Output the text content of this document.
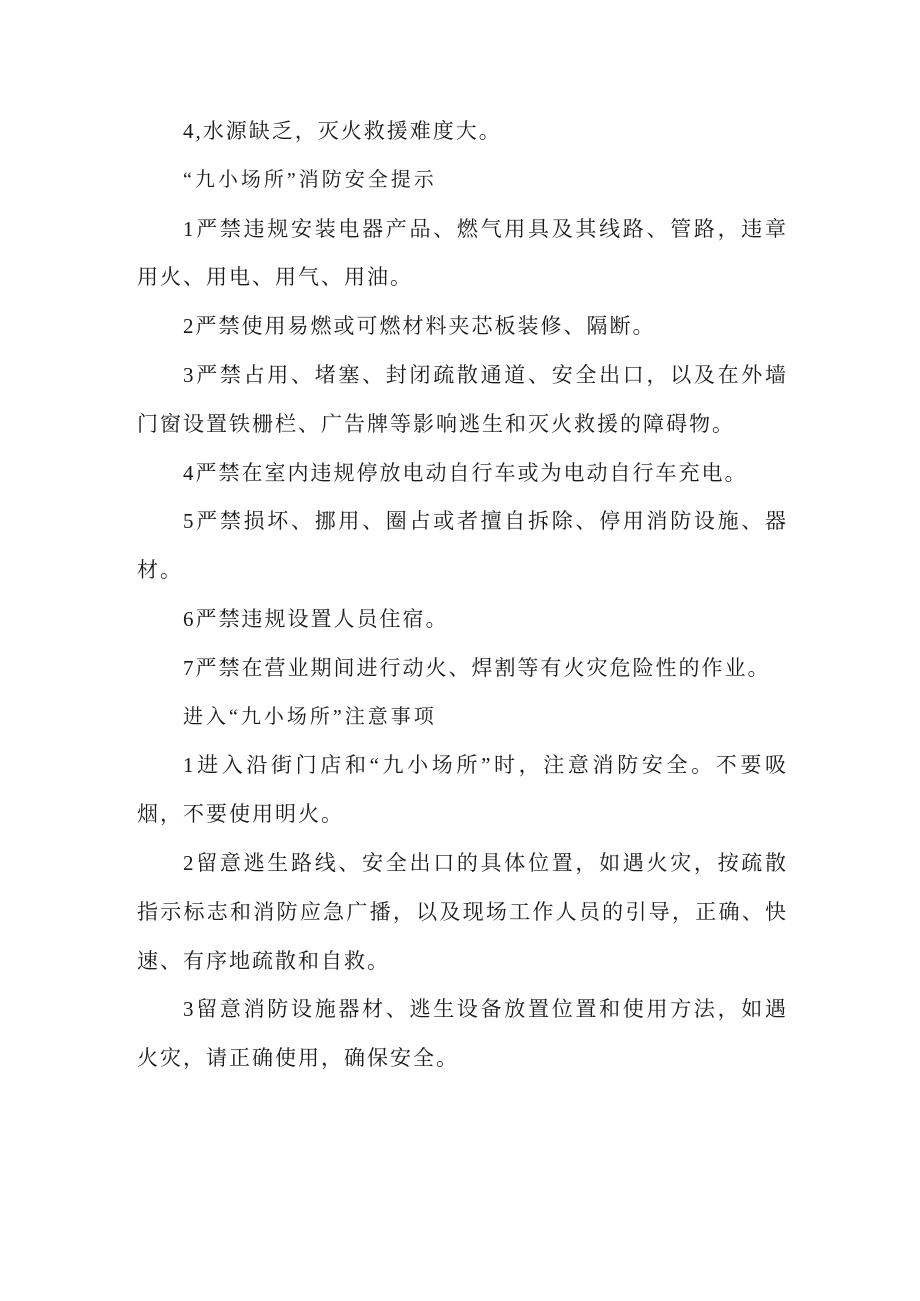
4,水源缺乏，灭火救援难度大。
“九小场所”消防安全提示
1严禁违规安装电器产品、燃气用具及其线路、管路，违章
用火、用电、用气、用油。
2严禁使用易燃或可燃材料夹芯板装修、隔断。
3严禁占用、堵塞、封闭疏散通道、安全出口，以及在外墙
门窗设置铁栅栏、广告牌等影响逃生和灭火救援的障碍物。
4严禁在室内违规停放电动自行车或为电动自行车充电。
5严禁损坏、挪用、圈占或者擅自拆除、停用消防设施、器
材。
6严禁违规设置人员住宿。
7严禁在营业期间进行动火、焊割等有火灾危险性的作业。
进入“九小场所”注意事项
1进入沿街门店和“九小场所”时，注意消防安全。不要吸
烟，不要使用明火。
2留意逃生路线、安全出口的具体位置，如遇火灾，按疏散
指示标志和消防应急广播，以及现场工作人员的引导，正确、快
速、有序地疏散和自救。
3留意消防设施器材、逃生设备放置位置和使用方法，如遇
火灾，请正确使用，确保安全。
